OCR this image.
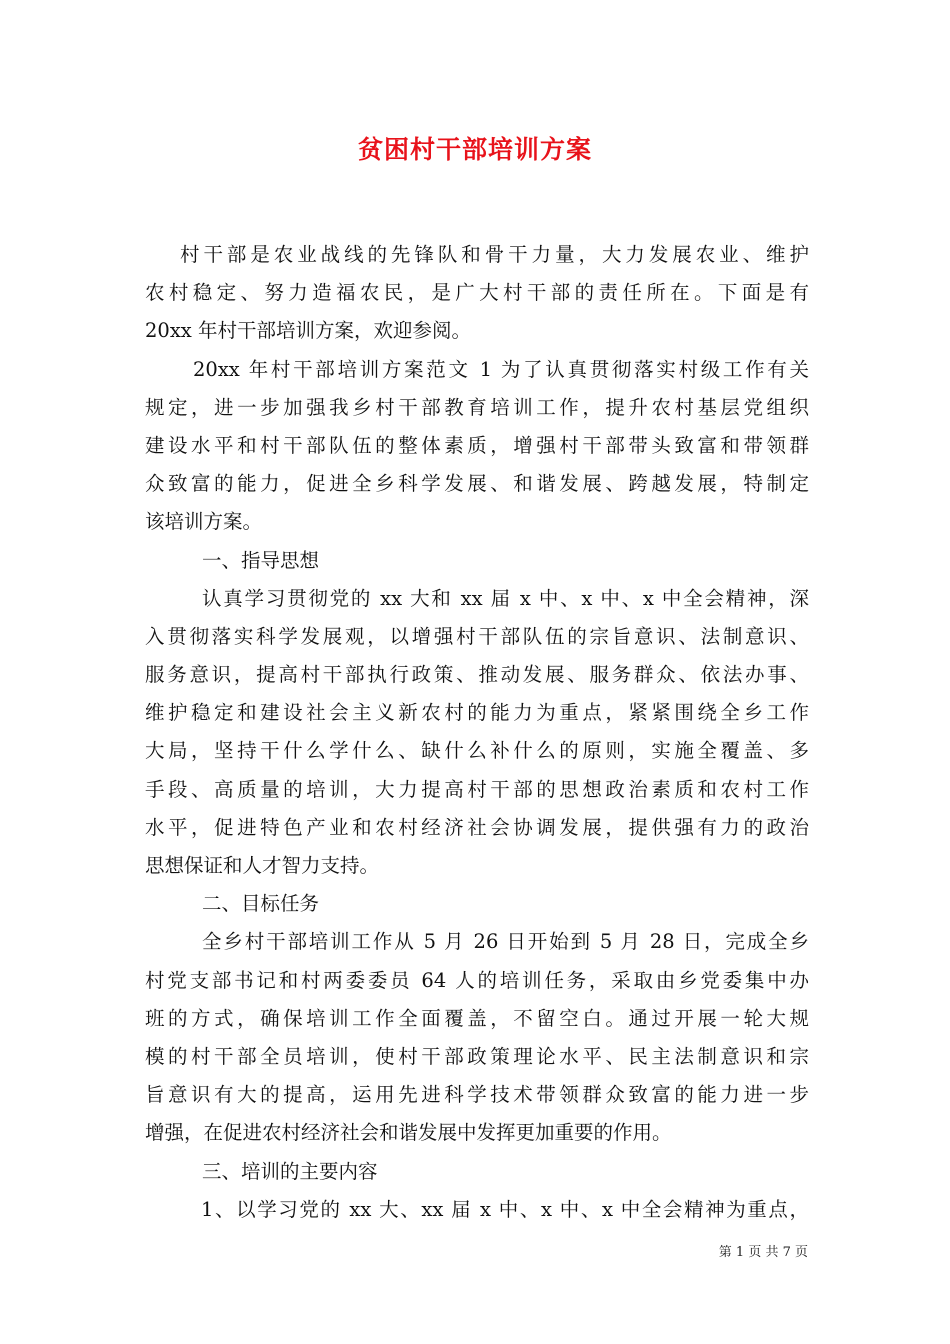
贫困村干部培训方案
村干部是农业战线的先锋队和骨干力量，大力发展农业、维护
农村稳定、努力造福农民，是广大村干部的责任所在。下面是有
20xx 年村干部培训方案，欢迎参阅。
20xx 年村干部培训方案范文 1 为了认真贯彻落实村级工作有关
规定，进一步加强我乡村干部教育培训工作，提升农村基层党组织
建设水平和村干部队伍的整体素质，增强村干部带头致富和带领群
众致富的能力，促进全乡科学发展、和谐发展、跨越发展，特制定
该培训方案。
一、指导思想
认真学习贯彻党的 xx 大和 xx 届 x 中、x 中、x 中全会精神，深
入贯彻落实科学发展观，以增强村干部队伍的宗旨意识、法制意识、
服务意识，提高村干部执行政策、推动发展、服务群众、依法办事、
维护稳定和建设社会主义新农村的能力为重点，紧紧围绕全乡工作
大局，坚持干什么学什么、缺什么补什么的原则，实施全覆盖、多
手段、高质量的培训，大力提高村干部的思想政治素质和农村工作
水平，促进特色产业和农村经济社会协调发展，提供强有力的政治
思想保证和人才智力支持。
二、目标任务
全乡村干部培训工作从 5 月 26 日开始到 5 月 28 日，完成全乡
村党支部书记和村两委委员 64 人的培训任务，采取由乡党委集中办
班的方式，确保培训工作全面覆盖，不留空白。通过开展一轮大规
模的村干部全员培训，使村干部政策理论水平、民主法制意识和宗
旨意识有大的提高，运用先进科学技术带领群众致富的能力进一步
增强，在促进农村经济社会和谐发展中发挥更加重要的作用。
三、培训的主要内容
1、以学习党的 xx 大、xx 届 x 中、x 中、x 中全会精神为重点，
第 1 页 共 7 页
